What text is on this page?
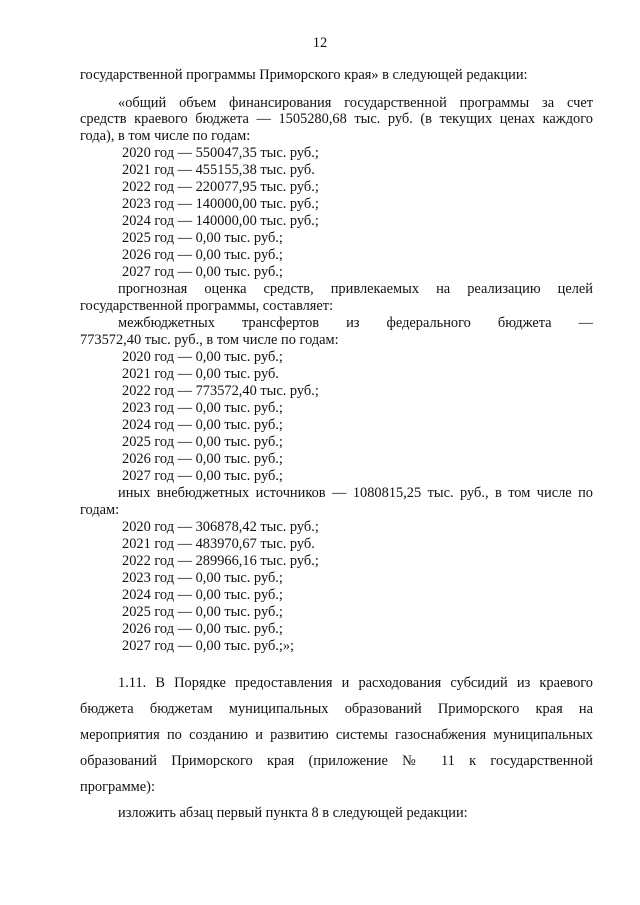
12
государственной программы Приморского края» в следующей редакции:
«общий объем финансирования государственной программы за счет
средств краевого бюджета — 1505280,68 тыс. руб. (в текущих ценах каждого
года), в том числе по годам:
2020 год — 550047,35 тыс. руб.;
2021 год — 455155,38 тыс. руб.
2022 год — 220077,95 тыс. руб.;
2023 год — 140000,00 тыс. руб.;
2024 год — 140000,00 тыс. руб.;
2025 год — 0,00 тыс. руб.;
2026 год — 0,00 тыс. руб.;
2027 год — 0,00 тыс. руб.;
прогнозная оценка средств, привлекаемых на реализацию целей
государственной программы, составляет:
межбюджетных трансфертов из федерального бюджета —
773572,40 тыс. руб., в том числе по годам:
2020 год — 0,00 тыс. руб.;
2021 год — 0,00 тыс. руб.
2022 год — 773572,40 тыс. руб.;
2023 год — 0,00 тыс. руб.;
2024 год — 0,00 тыс. руб.;
2025 год — 0,00 тыс. руб.;
2026 год — 0,00 тыс. руб.;
2027 год — 0,00 тыс. руб.;
иных внебюджетных источников — 1080815,25 тыс. руб., в том числе по
годам:
2020 год — 306878,42 тыс. руб.;
2021 год — 483970,67 тыс. руб.
2022 год — 289966,16 тыс. руб.;
2023 год — 0,00 тыс. руб.;
2024 год — 0,00 тыс. руб.;
2025 год — 0,00 тыс. руб.;
2026 год — 0,00 тыс. руб.;
2027 год — 0,00 тыс. руб.;»;
1.11. В Порядке предоставления и расходования субсидий из краевого
бюджета бюджетам муниципальных образований Приморского края на
мероприятия по созданию и развитию системы газоснабжения муниципальных
образований Приморского края (приложение № 11 к государственной
программе):
изложить абзац первый пункта 8 в следующей редакции:
